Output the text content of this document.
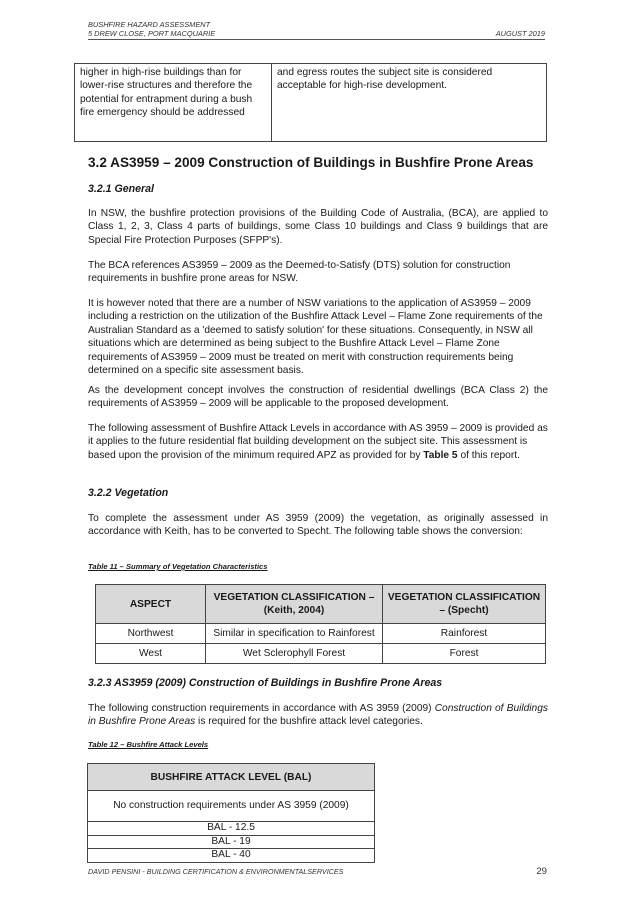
BUSHFIRE HAZARD ASSESSMENT
5 DREW CLOSE, PORT MACQUARIE	AUGUST 2019
higher in high-rise buildings than for lower-rise structures and therefore the potential for entrapment during a bush fire emergency should be addressed	and egress routes the subject site is considered acceptable for high-rise development.
3.2 AS3959 – 2009 Construction of Buildings in Bushfire Prone Areas
3.2.1 General
In NSW, the bushfire protection provisions of the Building Code of Australia, (BCA), are applied to Class 1, 2, 3, Class 4 parts of buildings, some Class 10 buildings and Class 9 buildings that are Special Fire Protection Purposes (SFPP's).
The BCA references AS3959 – 2009 as the Deemed-to-Satisfy (DTS) solution for construction requirements in bushfire prone areas for NSW.
It is however noted that there are a number of NSW variations to the application of AS3959 – 2009 including a restriction on the utilization of the Bushfire Attack Level – Flame Zone requirements of the Australian Standard as a 'deemed to satisfy solution' for these situations. Consequently, in NSW all situations which are determined as being subject to the Bushfire Attack Level – Flame Zone requirements of AS3959 – 2009 must be treated on merit with construction requirements being determined on a specific site assessment basis.
As the development concept involves the construction of residential dwellings (BCA Class 2) the requirements of AS3959 – 2009 will be applicable to the proposed development.
The following assessment of Bushfire Attack Levels in accordance with AS 3959 – 2009 is provided as it applies to the future residential flat building development on the subject site. This assessment is based upon the provision of the minimum required APZ as provided for by Table 5 of this report.
3.2.2 Vegetation
To complete the assessment under AS 3959 (2009) the vegetation, as originally assessed in accordance with Keith, has to be converted to Specht. The following table shows the conversion:
Table 11 – Summary of Vegetation Characteristics
ASPECT	VEGETATION CLASSIFICATION – (Keith, 2004)	VEGETATION CLASSIFICATION – (Specht)
Northwest	Similar in specification to Rainforest	Rainforest
West	Wet Sclerophyll Forest	Forest
3.2.3 AS3959 (2009) Construction of Buildings in Bushfire Prone Areas
The following construction requirements in accordance with AS 3959 (2009) Construction of Buildings in Bushfire Prone Areas is required for the bushfire attack level categories.
Table 12 – Bushfire Attack Levels
BUSHFIRE ATTACK LEVEL (BAL)
No construction requirements under AS 3959 (2009)
BAL - 12.5
BAL - 19
BAL - 40
DAVID PENSINI - BUILDING CERTIFICATION & ENVIRONMENTALSERVICES	29
